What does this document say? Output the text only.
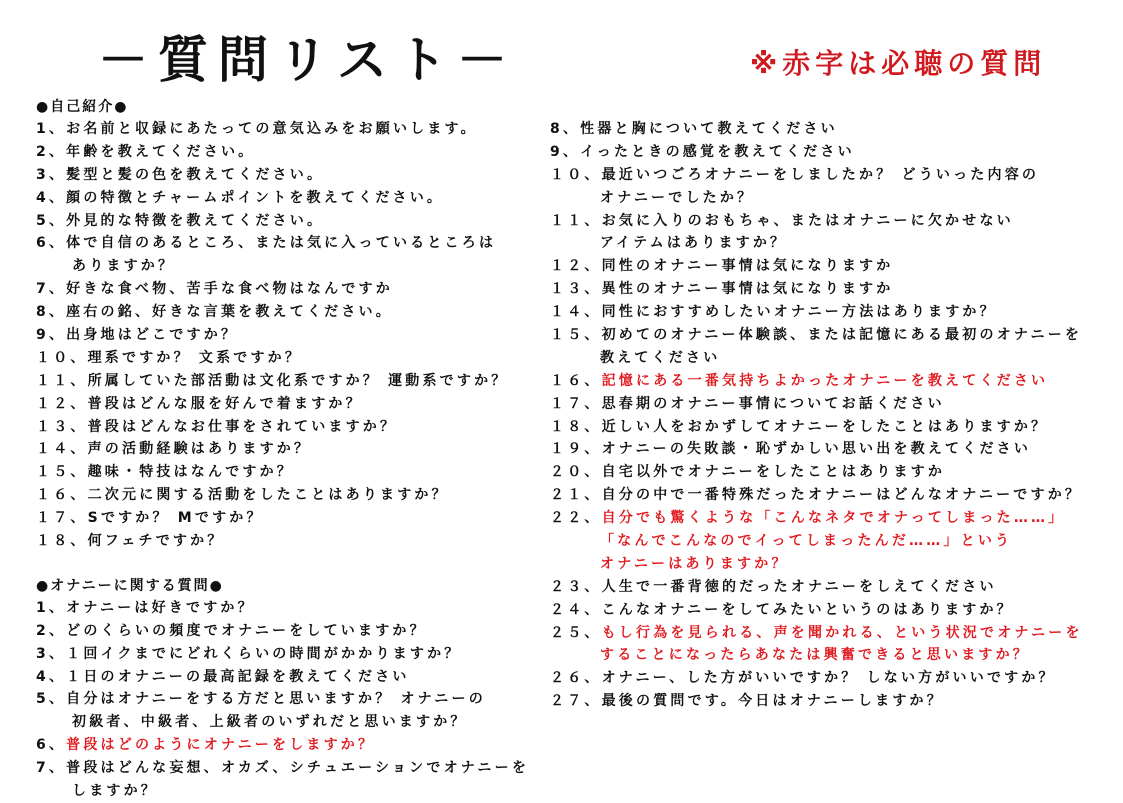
－質問リスト－	※赤字は必聴の質問
●自己紹介●
1、お名前と収録にあたっての意気込みをお願いします。
2、年齢を教えてください。
3、髪型と髪の色を教えてください。
4、顔の特徴とチャームポイントを教えてください。
5、外見的な特徴を教えてください。
6、体で自信のあるところ、または気に入っているところは
ありますか？
7、好きな食べ物、苦手な食べ物はなんですか
8、座右の銘、好きな言葉を教えてください。
9、出身地はどこですか？
１０、理系ですか？ 文系ですか？
１１、所属していた部活動は文化系ですか？ 運動系ですか？
１２、普段はどんな服を好んで着ますか？
１３、普段はどんなお仕事をされていますか？
１４、声の活動経験はありますか？
１５、趣味・特技はなんですか？
１６、二次元に関する活動をしたことはありますか？
１７、Sですか？ Mですか？
１８、何フェチですか？
●オナニーに関する質問●
1、オナニーは好きですか？
2、どのくらいの頻度でオナニーをしていますか？
3、１回イクまでにどれくらいの時間がかかりますか？
4、１日のオナニーの最高記録を教えてください
5、自分はオナニーをする方だと思いますか？ オナニーの
初級者、中級者、上級者のいずれだと思いますか？
6、普段はどのようにオナニーをしますか？
7、普段はどんな妄想、オカズ、シチュエーションでオナニーを
しますか？
8、性器と胸について教えてください
9、イったときの感覚を教えてください
１０、最近いつごろオナニーをしましたか？ どういった内容の
オナニーでしたか？
１１、お気に入りのおもちゃ、またはオナニーに欠かせない
アイテムはありますか？
１２、同性のオナニー事情は気になりますか
１３、異性のオナニー事情は気になりますか
１４、同性におすすめしたいオナニー方法はありますか？
１５、初めてのオナニー体験談、または記憶にある最初のオナニーを
教えてください
１６、記憶にある一番気持ちよかったオナニーを教えてください
１７、思春期のオナニー事情についてお話ください
１８、近しい人をおかずしてオナニーをしたことはありますか？
１９、オナニーの失敗談・恥ずかしい思い出を教えてください
２０、自宅以外でオナニーをしたことはありますか
２１、自分の中で一番特殊だったオナニーはどんなオナニーですか？
２２、自分でも驚くような「こんなネタでオナってしまった……」
「なんでこんなのでイってしまったんだ……」という
オナニーはありますか？
２３、人生で一番背徳的だったオナニーをしえてください
２４、こんなオナニーをしてみたいというのはありますか？
２５、もし行為を見られる、声を聞かれる、という状況でオナニーを
することになったらあなたは興奮できると思いますか？
２６、オナニー、した方がいいですか？ しない方がいいですか？
２７、最後の質問です。今日はオナニーしますか？
